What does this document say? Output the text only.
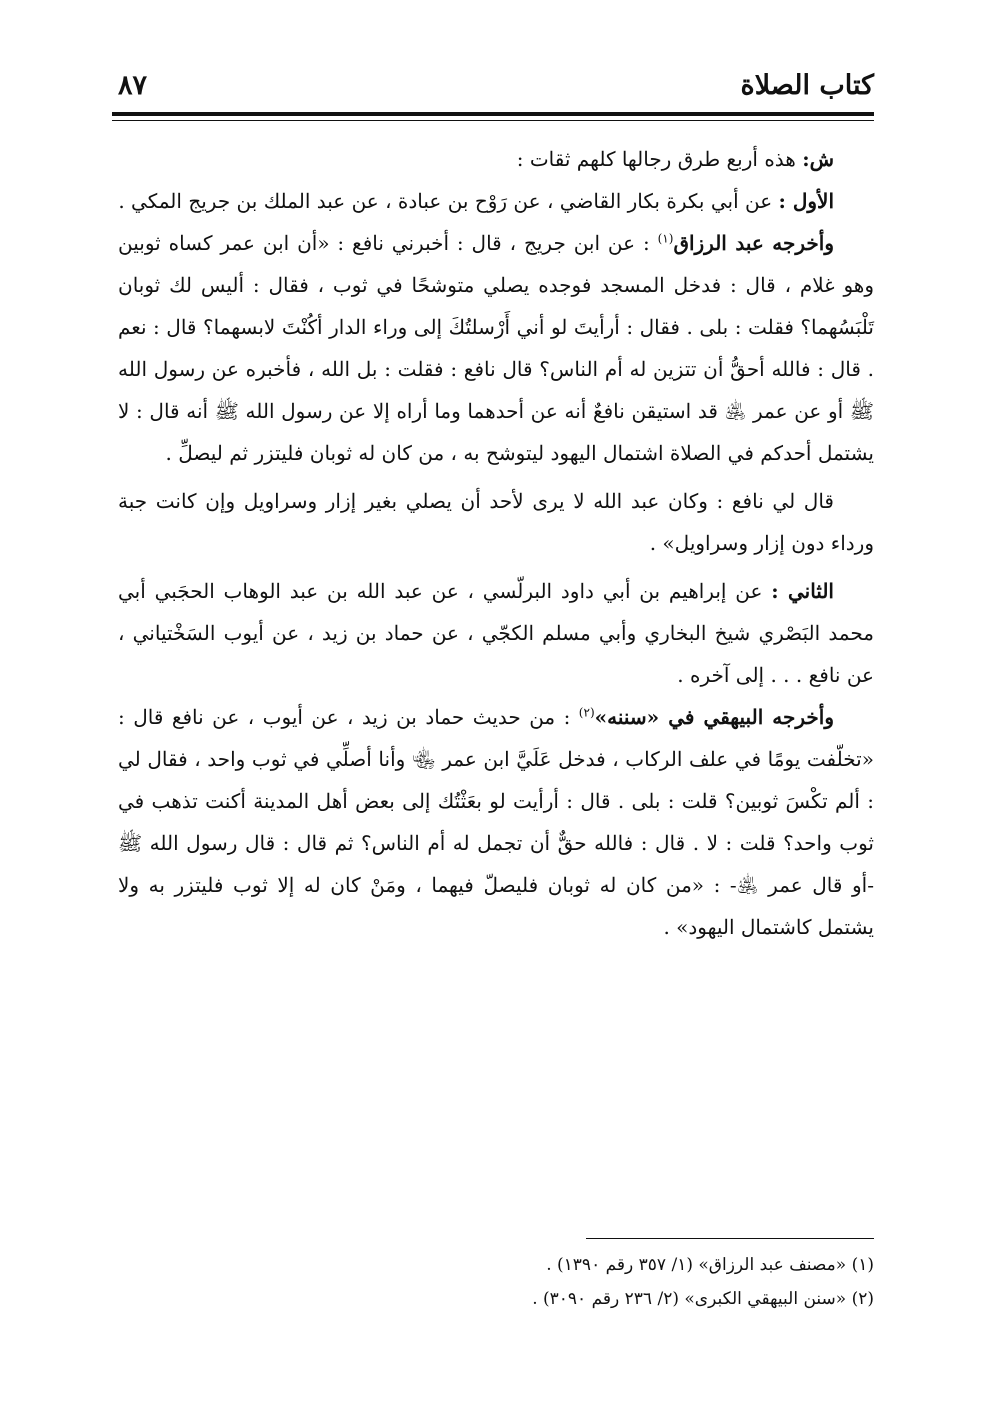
كتاب الصلاة
٨٧

ش: هذه أربع طرق رجالها كلهم ثقات :

الأول : عن أبي بكرة بكار القاضي ، عن رَوْح بن عبادة ، عن عبد الملك بن جريج المكي .

وأخرجه عبد الرزاق$^{(١)}$ : عن ابن جريج ، قال : أخبرني نافع : «أن ابن عمر كساه ثوبين وهو غلام ، قال : فدخل المسجد فوجده يصلي متوشحًا في ثوب ، فقال : أليس لك ثوبان تَلْبَسُهما؟ فقلت : بلى . فقال : أرأيتَ لو أني أَرْسلتُكَ إلى وراء الدار أكُنْتَ لابسهما؟ قال : نعم . قال : فالله أحقُّ أن تتزين له أم الناس؟ قال نافع : فقلت : بل الله ، فأخبره عن رسول الله ﷺ أو عن عمر ﵁ قد استيقن نافعٌ أنه عن أحدهما وما أراه إلا عن رسول الله ﷺ أنه قال : لا يشتمل أحدكم في الصلاة اشتمال اليهود ليتوشح به ، من كان له ثوبان فليتزر ثم ليصلِّ .

قال لي نافع : وكان عبد الله لا يرى لأحد أن يصلي بغير إزار وسراويل وإن كانت جبة ورداء دون إزار وسراويل» .

الثاني : عن إبراهيم بن أبي داود البرلّسي ، عن عبد الله بن عبد الوهاب الحجَبي أبي محمد البَصْري شيخ البخاري وأبي مسلم الكجّي ، عن حماد بن زيد ، عن أيوب السَخْتياني ، عن نافع . . . إلى آخره .

وأخرجه البيهقي في «سننه»$^{(٢)}$ : من حديث حماد بن زيد ، عن أيوب ، عن نافع قال : «تخلّفت يومًا في علف الركاب ، فدخل عَلَيَّ ابن عمر ﵄ وأنا أصلِّي في ثوب واحد ، فقال لي : ألم تكْسَ ثوبين؟ قلت : بلى . قال : أرأيت لو بعَثْتُك إلى بعض أهل المدينة أكنت تذهب في ثوب واحد؟ قلت : لا . قال : فالله حقٌّ أن تجمل له أم الناس؟ ثم قال : قال رسول الله ﷺ -أو قال عمر ﵁- : «من كان له ثوبان فليصلّ فيهما ، ومَنْ كان له إلا ثوب فليتزر به ولا يشتمل كاشتمال اليهود» .

(١) «مصنف عبد الرزاق» (١/ ٣٥٧ رقم ١٣٩٠) .

(٢) «سنن البيهقي الكبرى» (٢/ ٢٣٦ رقم ٣٠٩٠) .
